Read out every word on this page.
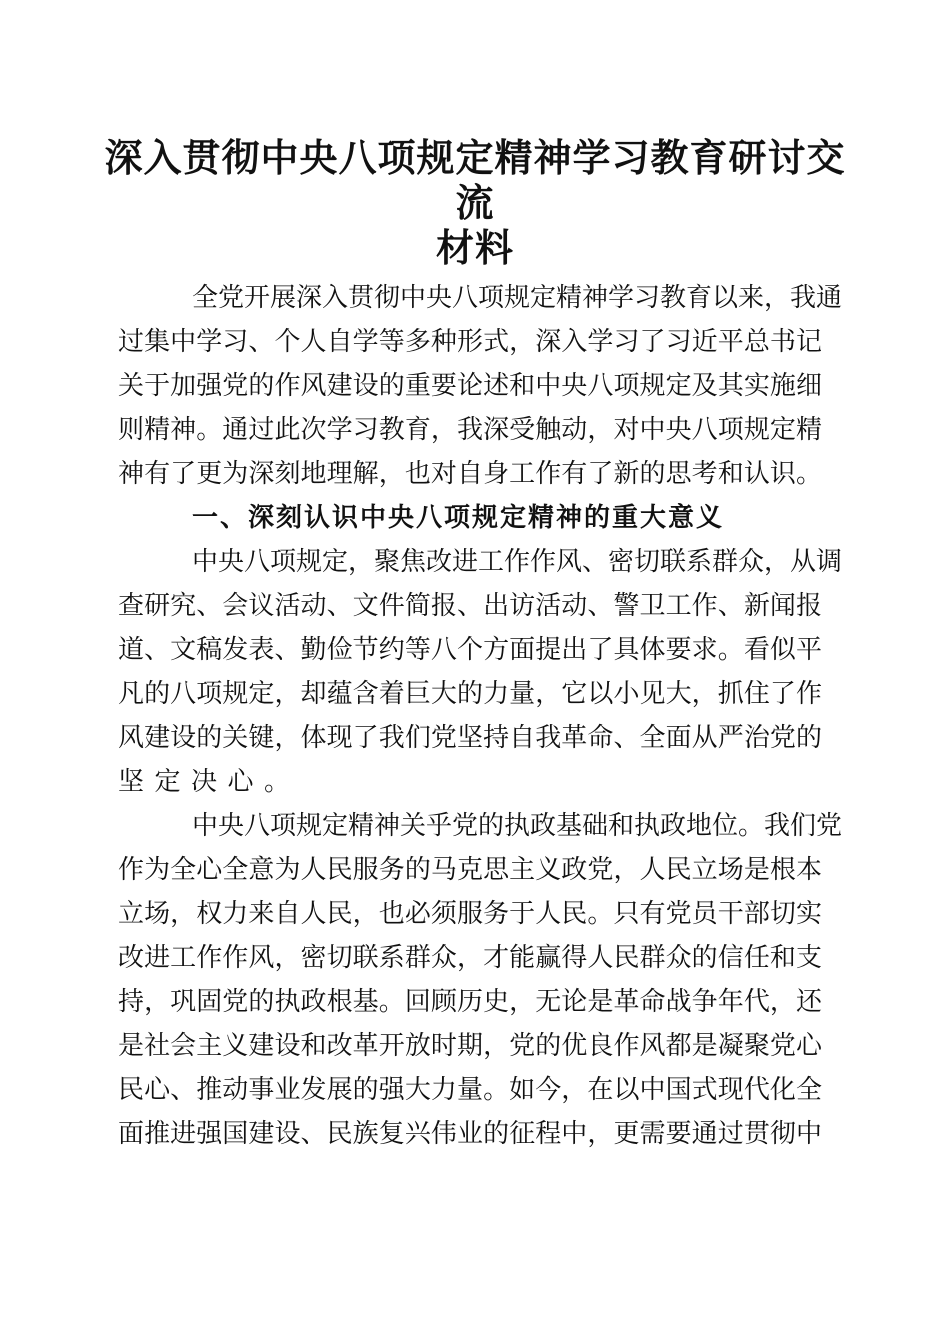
深入贯彻中央八项规定精神学习教育研讨交流
材料
全党开展深入贯彻中央八项规定精神学习教育以来，我通
过集中学习、个人自学等多种形式，深入学习了习近平总书记
关于加强党的作风建设的重要论述和中央八项规定及其实施细
则精神。通过此次学习教育，我深受触动，对中央八项规定精
神有了更为深刻地理解，也对自身工作有了新的思考和认识。
一、深刻认识中央八项规定精神的重大意义
中央八项规定，聚焦改进工作作风、密切联系群众，从调
查研究、会议活动、文件简报、出访活动、警卫工作、新闻报
道、文稿发表、勤俭节约等八个方面提出了具体要求。看似平
凡的八项规定，却蕴含着巨大的力量，它以小见大，抓住了作
风建设的关键，体现了我们党坚持自我革命、全面从严治党的
坚定决心。
中央八项规定精神关乎党的执政基础和执政地位。我们党
作为全心全意为人民服务的马克思主义政党，人民立场是根本
立场，权力来自人民，也必须服务于人民。只有党员干部切实
改进工作作风，密切联系群众，才能赢得人民群众的信任和支
持，巩固党的执政根基。回顾历史，无论是革命战争年代，还
是社会主义建设和改革开放时期，党的优良作风都是凝聚党心
民心、推动事业发展的强大力量。如今，在以中国式现代化全
面推进强国建设、民族复兴伟业的征程中，更需要通过贯彻中
